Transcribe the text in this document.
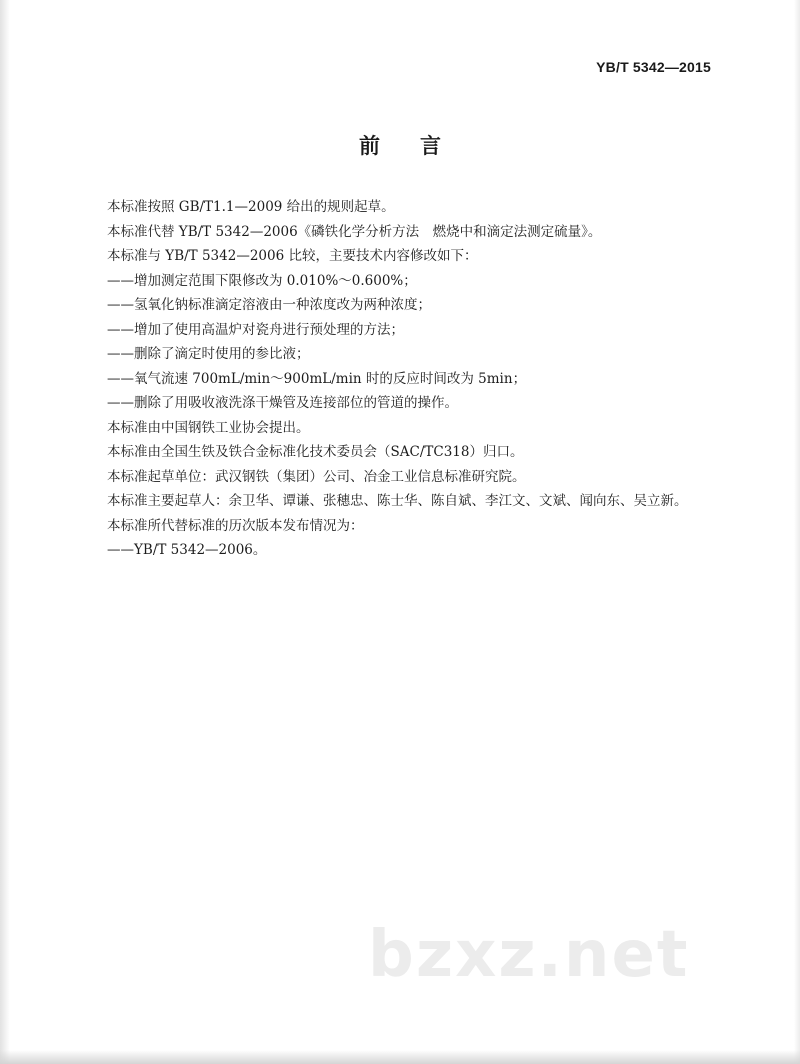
YB/T 5342—2015
前言
本标准按照 GB/T1.1—2009 给出的规则起草。
本标准代替 YB/T 5342—2006《磷铁化学分析方法　燃烧中和滴定法测定硫量》。
本标准与 YB/T 5342—2006 比较，主要技术内容修改如下：
——增加测定范围下限修改为 0.010%～0.600%；
——氢氧化钠标准滴定溶液由一种浓度改为两种浓度；
——增加了使用高温炉对瓷舟进行预处理的方法；
——删除了滴定时使用的参比液；
——氧气流速 700mL/min～900mL/min 时的反应时间改为 5min；
——删除了用吸收液洗涤干燥管及连接部位的管道的操作。
本标准由中国钢铁工业协会提出。
本标准由全国生铁及铁合金标准化技术委员会（SAC/TC318）归口。
本标准起草单位：武汉钢铁（集团）公司、冶金工业信息标准研究院。
本标准主要起草人：余卫华、谭谦、张穗忠、陈士华、陈自斌、李江文、文斌、闻向东、吴立新。
本标准所代替标准的历次版本发布情况为：
——YB/T 5342—2006。
bzxz.net
